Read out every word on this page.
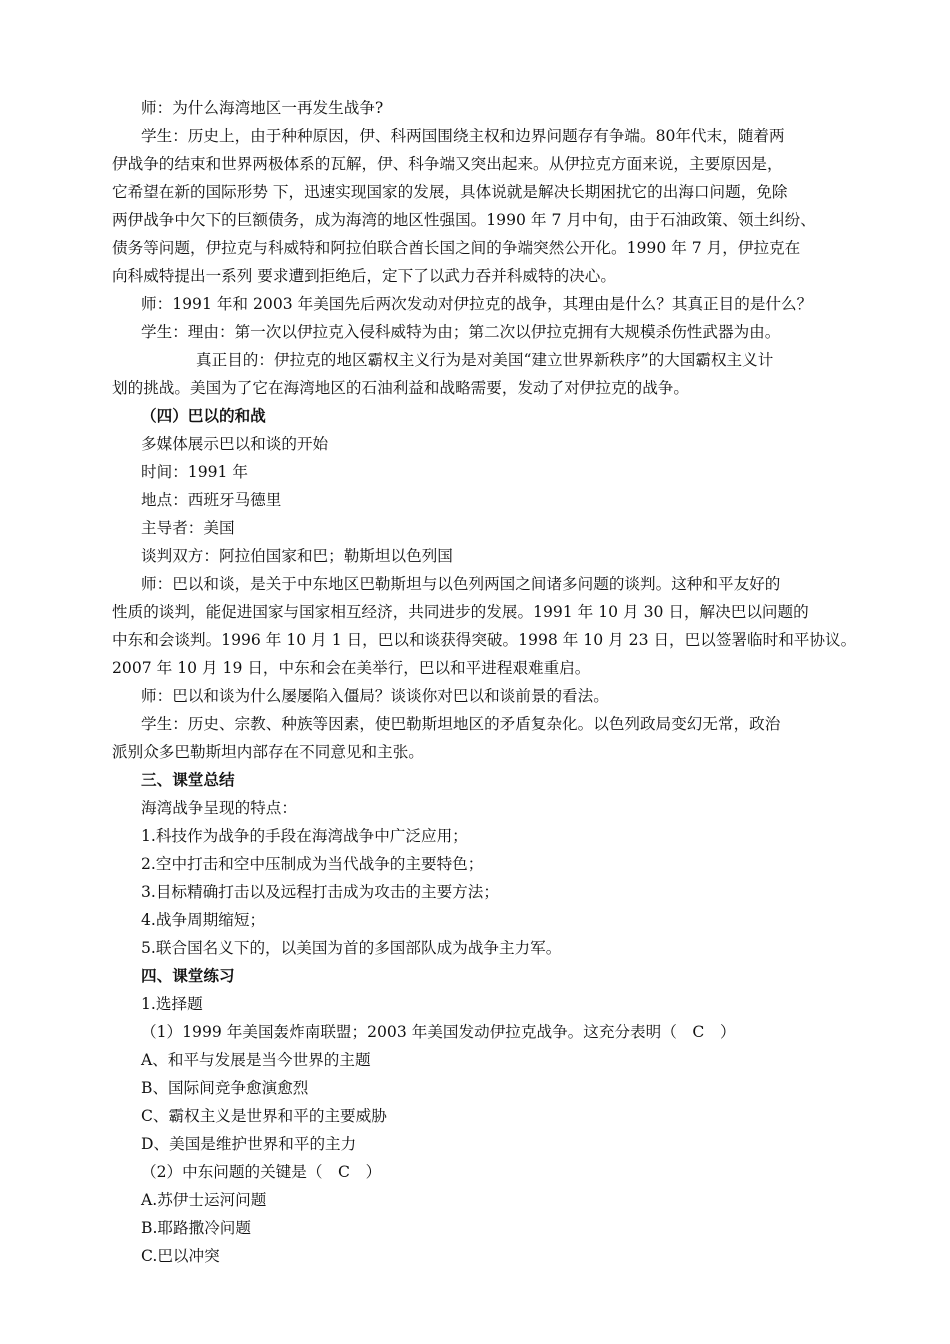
师：为什么海湾地区一再发生战争?
学生：历史上，由于种种原因，伊、科两国围绕主权和边界问题存有争端。80年代末，随着两
伊战争的结束和世界两极体系的瓦解，伊、科争端又突出起来。从伊拉克方面来说，主要原因是，
它希望在新的国际形势 下，迅速实现国家的发展，具体说就是解决长期困扰它的出海口问题，免除
两伊战争中欠下的巨额债务，成为海湾的地区性强国。1990 年 7 月中旬，由于石油政策、领土纠纷、
债务等问题，伊拉克与科威特和阿拉伯联合酋长国之间的争端突然公开化。1990 年 7 月，伊拉克在
向科威特提出一系列 要求遭到拒绝后，定下了以武力吞并科威特的决心。
师：1991 年和 2003 年美国先后两次发动对伊拉克的战争，其理由是什么？其真正目的是什么？
学生：理由：第一次以伊拉克入侵科威特为由；第二次以伊拉克拥有大规模杀伤性武器为由。
真正目的：伊拉克的地区霸权主义行为是对美国“建立世界新秩序”的大国霸权主义计
划的挑战。美国为了它在海湾地区的石油利益和战略需要，发动了对伊拉克的战争。
（四）巴以的和战
多媒体展示巴以和谈的开始
时间：1991 年
地点：西班牙马德里
主导者：美国
谈判双方：阿拉伯国家和巴；勒斯坦以色列国
师：巴以和谈，是关于中东地区巴勒斯坦与以色列两国之间诸多问题的谈判。这种和平友好的
性质的谈判，能促进国家与国家相互经济，共同进步的发展。1991 年 10 月 30 日，解决巴以问题的
中东和会谈判。1996 年 10 月 1 日，巴以和谈获得突破。1998 年 10 月 23 日，巴以签署临时和平协议。
2007 年 10 月 19 日，中东和会在美举行，巴以和平进程艰难重启。
师：巴以和谈为什么屡屡陷入僵局？谈谈你对巴以和谈前景的看法。
学生：历史、宗教、种族等因素，使巴勒斯坦地区的矛盾复杂化。以色列政局变幻无常，政治
派别众多巴勒斯坦内部存在不同意见和主张。
三、课堂总结
海湾战争呈现的特点：
1.科技作为战争的手段在海湾战争中广泛应用；
2.空中打击和空中压制成为当代战争的主要特色；
3.目标精确打击以及远程打击成为攻击的主要方法；
4.战争周期缩短；
5.联合国名义下的，以美国为首的多国部队成为战争主力军。
四、课堂练习
1.选择题
（1）1999 年美国轰炸南联盟；2003 年美国发动伊拉克战争。这充分表明（　C　）
A、和平与发展是当今世界的主题
B、国际间竞争愈演愈烈
C、霸权主义是世界和平的主要威胁
D、美国是维护世界和平的主力
（2）中东问题的关键是（　C　）
A.苏伊士运河问题
B.耶路撒冷问题
C.巴以冲突
